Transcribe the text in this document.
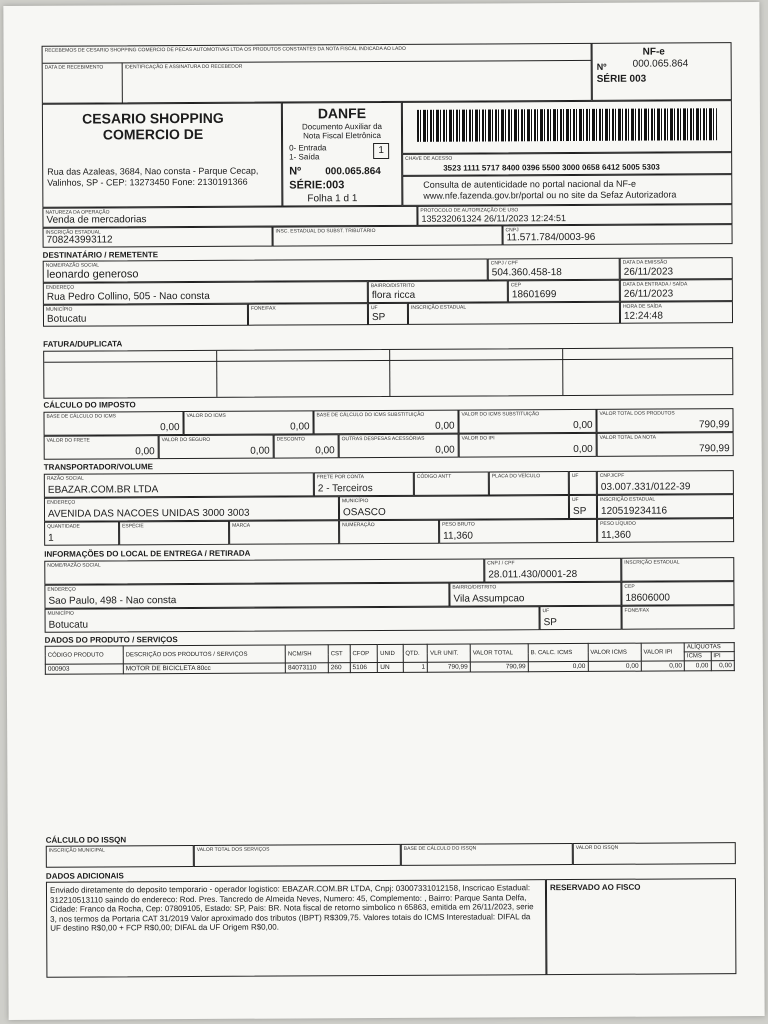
RECEBEMOS DE CESARIO SHOPPING COMERCIO DE PECAS AUTOMOTIVAS LTDA OS PRODUTOS CONSTANTES DA NOTA FISCAL INDICADA AO LADO
DATA DE RECEBIMENTO	IDENTIFICAÇÃO E ASSINATURA DO RECEBEDOR
NF-e
Nº	000.065.864
SÉRIE 003
CESARIO SHOPPING
COMERCIO DE
Rua das Azaleas, 3684, Nao consta - Parque Cecap, Valinhos, SP - CEP: 13273450 Fone: 2130191366
DANFE
Documento Auxiliar da
Nota Fiscal Eletrônica
0- Entrada
1- Saída
1
Nº 000.065.864
SÉRIE:003
Folha 1 d 1
CHAVE DE ACESSO
3523 1111 5717 8400 0396 5500 3000 0658 6412 5005 5303
Consulta de autenticidade no portal nacional da NF-e
www.nfe.fazenda.gov.br/portal ou no site da Sefaz Autorizadora
NATUREZA DA OPERAÇÃO
Venda de mercadorias
PROTOCOLO DE AUTORIZAÇÃO DE USO
135232061324 26/11/2023 12:24:51
INSCRIÇÃO ESTADUAL
708243993112
INSC. ESTADUAL DO SUBST. TRIBUTÁRIO	CNPJ
11.571.784/0003-96
DESTINATÁRIO / REMETENTE
NOME/RAZÃO SOCIAL
leonardo generoso
CNPJ / CPF
504.360.458-18
DATA DA EMISSÃO
26/11/2023
ENDEREÇO
Rua Pedro Collino, 505 - Nao consta
BAIRRO/DISTRITO
flora ricca
CEP
18601699
DATA DA ENTRADA / SAÍDA
26/11/2023
MUNICÍPIO
Botucatu
FONE/FAX	UF
SP
INSCRIÇÃO ESTADUAL	HORA DE SAÍDA
12:24:48
FATURA/DUPLICATA
CÁLCULO DO IMPOSTO
BASE DE CÁLCULO DO ICMS
0,00
VALOR DO ICMS
0,00
BASE DE CÁLCULO DO ICMS SUBSTITUIÇÃO
0,00
VALOR DO ICMS SUBSTITUIÇÃO
0,00
VALOR TOTAL DOS PRODUTOS
790,99
VALOR DO FRETE
0,00
VALOR DO SEGURO
0,00
DESCONTO
0,00
OUTRAS DESPESAS ACESSÓRIAS
0,00
VALOR DO IPI
0,00
VALOR TOTAL DA NOTA
790,99
TRANSPORTADOR/VOLUME
RAZÃO SOCIAL
EBAZAR.COM.BR LTDA
FRETE POR CONTA
2 - Terceiros
CÓDIGO ANTT	PLACA DO VEÍCULO	UF	CNPJ/CPF
03.007.331/0122-39
ENDEREÇO
AVENIDA DAS NACOES UNIDAS 3000 3003
MUNICÍPIO
OSASCO
UF
SP
INSCRIÇÃO ESTADUAL
120519234116
QUANTIDADE
1
ESPÉCIE	MARCA	NUMERAÇÃO	PESO BRUTO
11,360
PESO LÍQUIDO
11,360
INFORMAÇÕES DO LOCAL DE ENTREGA / RETIRADA
NOME/RAZÃO SOCIAL	CNPJ / CPF
28.011.430/0001-28
INSCRIÇÃO ESTADUAL
ENDEREÇO
Sao Paulo, 498 - Nao consta
BAIRRO/DISTRITO
Vila Assumpcao
CEP
18606000
MUNICÍPIO
Botucatu
UF
SP
FONE/FAX
DADOS DO PRODUTO / SERVIÇOS
CÓDIGO PRODUTO	DESCRIÇÃO DOS PRODUTOS / SERVIÇOS	NCM/SH	CST	CFOP	UNID	QTD.	VLR UNIT.	VALOR TOTAL	B. CALC. ICMS	VALOR ICMS	VALOR IPI	ALÍQUOTAS	
												ICMS	IPI
000903	MOTOR DE BICICLETA 80cc	84073110	260	5106	UN	1	790,99	790,99	0,00	0,00	0,00	0,00	0,00
CÁLCULO DO ISSQN
INSCRIÇÃO MUNICIPAL	VALOR TOTAL DOS SERVIÇOS	BASE DE CÁLCULO DO ISSQN	VALOR DO ISSQN
DADOS ADICIONAIS
Enviado diretamente do deposito temporario - operador logistico: EBAZAR.COM.BR LTDA, Cnpj: 03007331012158, Inscricao Estadual: 312210513110 saindo do endereco: Rod. Pres. Tancredo de Almeida Neves, Numero: 45, Complemento: , Bairro: Parque Santa Delfa, Cidade: Franco da Rocha, Cep: 07809105, Estado: SP, Pais: BR. Nota fiscal de retorno simbolico n 65863, emitida em 26/11/2023, serie 3, nos termos da Portaria CAT 31/2019 Valor aproximado dos tributos (IBPT) R$309,75. Valores totais do ICMS Interestadual: DIFAL da UF destino R$0,00 + FCP R$0,00; DIFAL da UF Origem R$0,00.
RESERVADO AO FISCO
